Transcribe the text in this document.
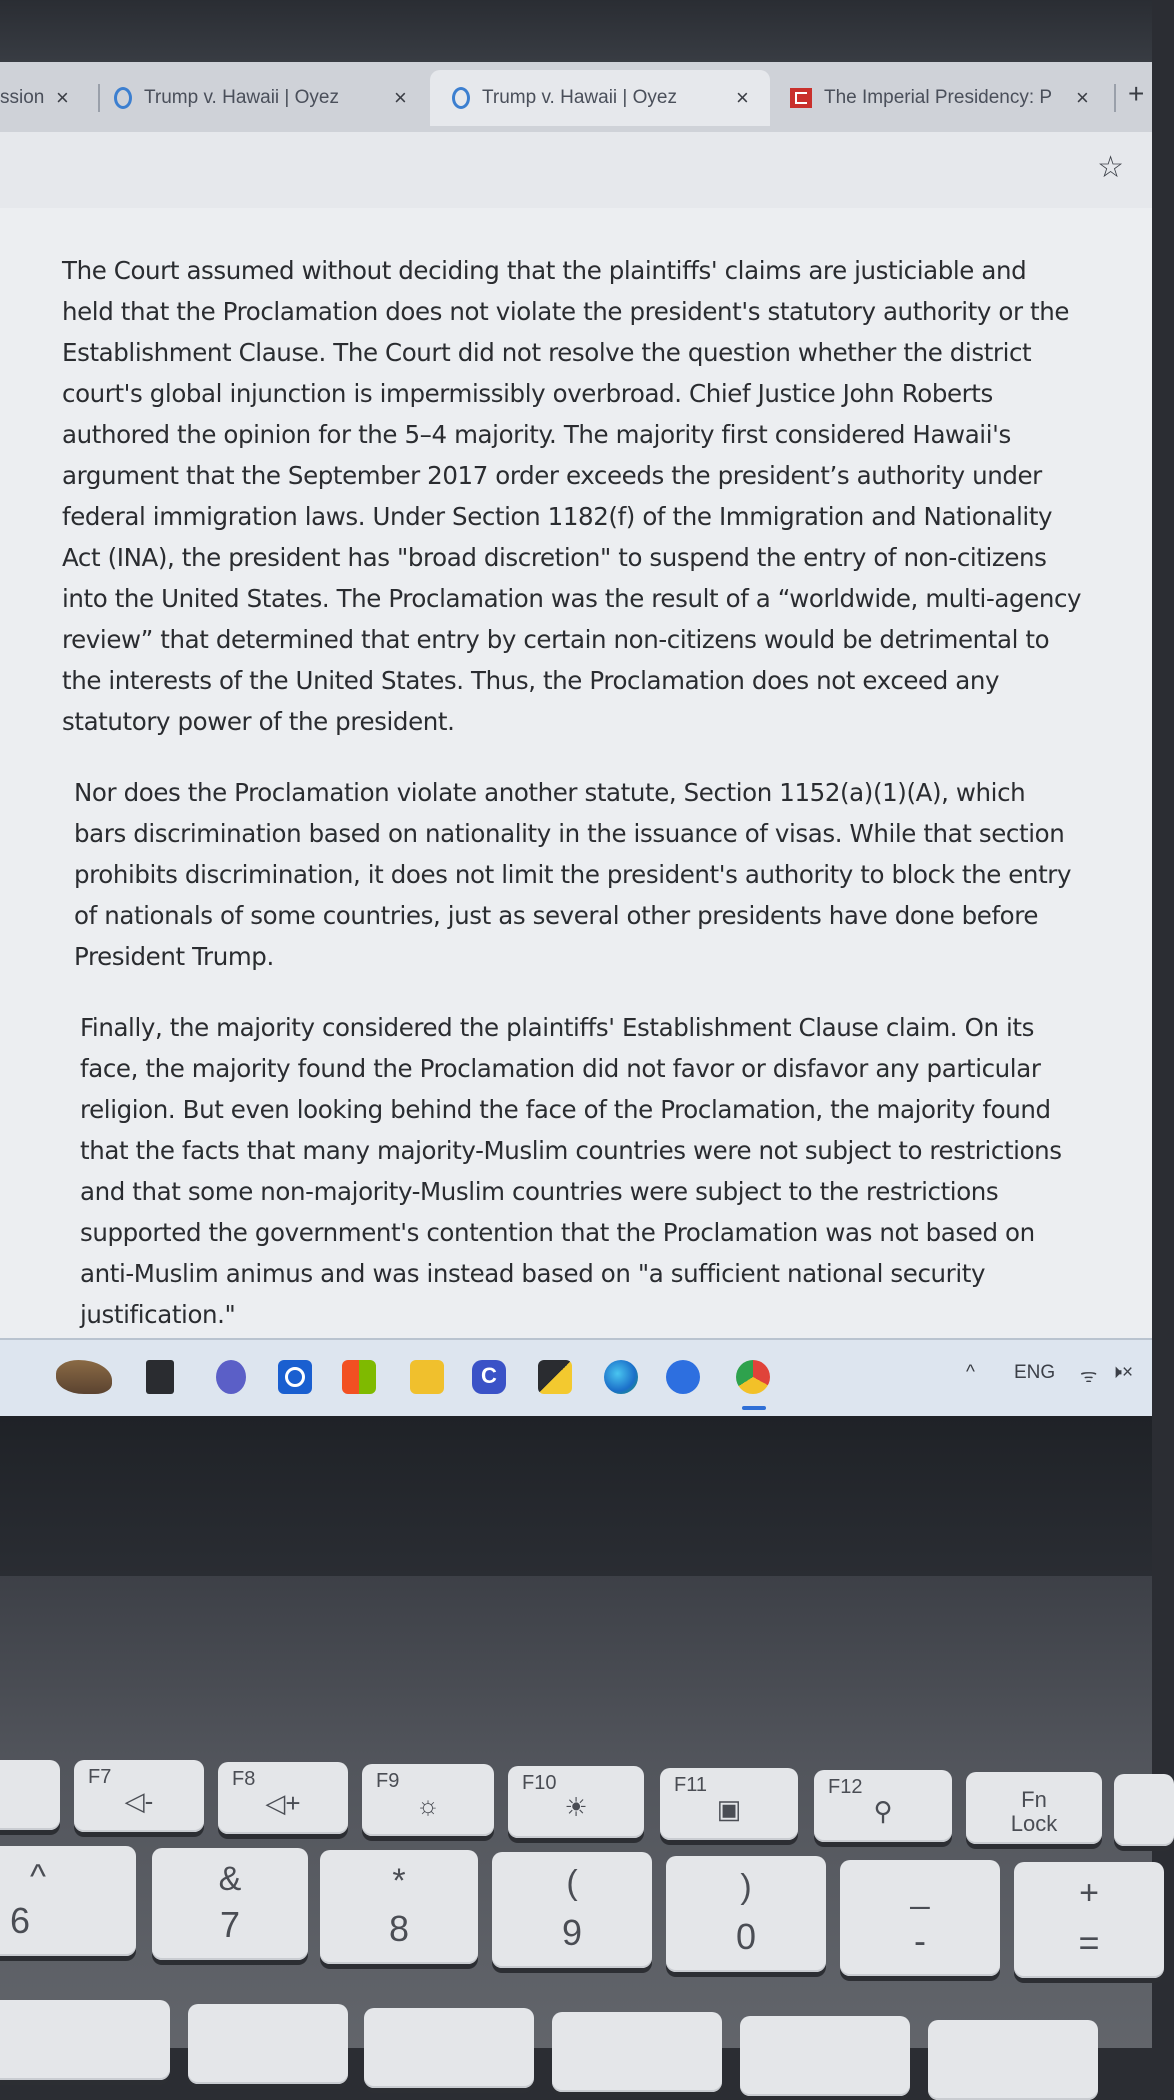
ssion ×	Trump v. Hawaii | Oyez	×	Trump v. Hawaii | Oyez	×	The Imperial Presidency: P × +
☆

The Court assumed without deciding that the plaintiffs' claims are justiciable and held that the Proclamation does not violate the president's statutory authority or the Establishment Clause. The Court did not resolve the question whether the district court's global injunction is impermissibly overbroad. Chief Justice John Roberts authored the opinion for the 5–4 majority. The majority first considered Hawaii's argument that the September 2017 order exceeds the president’s authority under federal immigration laws. Under Section 1182(f) of the Immigration and Nationality Act (INA), the president has "broad discretion" to suspend the entry of non-citizens into the United States. The Proclamation was the result of a “worldwide, multi-agency review” that determined that entry by certain non-citizens would be detrimental to the interests of the United States. Thus, the Proclamation does not exceed any statutory power of the president.

Nor does the Proclamation violate another statute, Section 1152(a)(1)(A), which bars discrimination based on nationality in the issuance of visas. While that section prohibits discrimination, it does not limit the president's authority to block the entry of nationals of some countries, just as several other presidents have done before President Trump.

Finally, the majority considered the plaintiffs' Establishment Clause claim. On its face, the majority found the Proclamation did not favor or disfavor any particular religion. But even looking behind the face of the Proclamation, the majority found that the facts that many majority-Muslim countries were not subject to restrictions and that some non-majority-Muslim countries were subject to the restrictions supported the government's contention that the Proclamation was not based on anti-Muslim animus and was instead based on "a sufficient national security justification."

C	^ ENG ᯤ 🕨×
F7
◁-
F8
◁+
F9
☼
F10
☀
F11
▣
F12
⚲	Fn
Lock
^
6
&
7
*
8
(
9
)
0
_
-
+
=
